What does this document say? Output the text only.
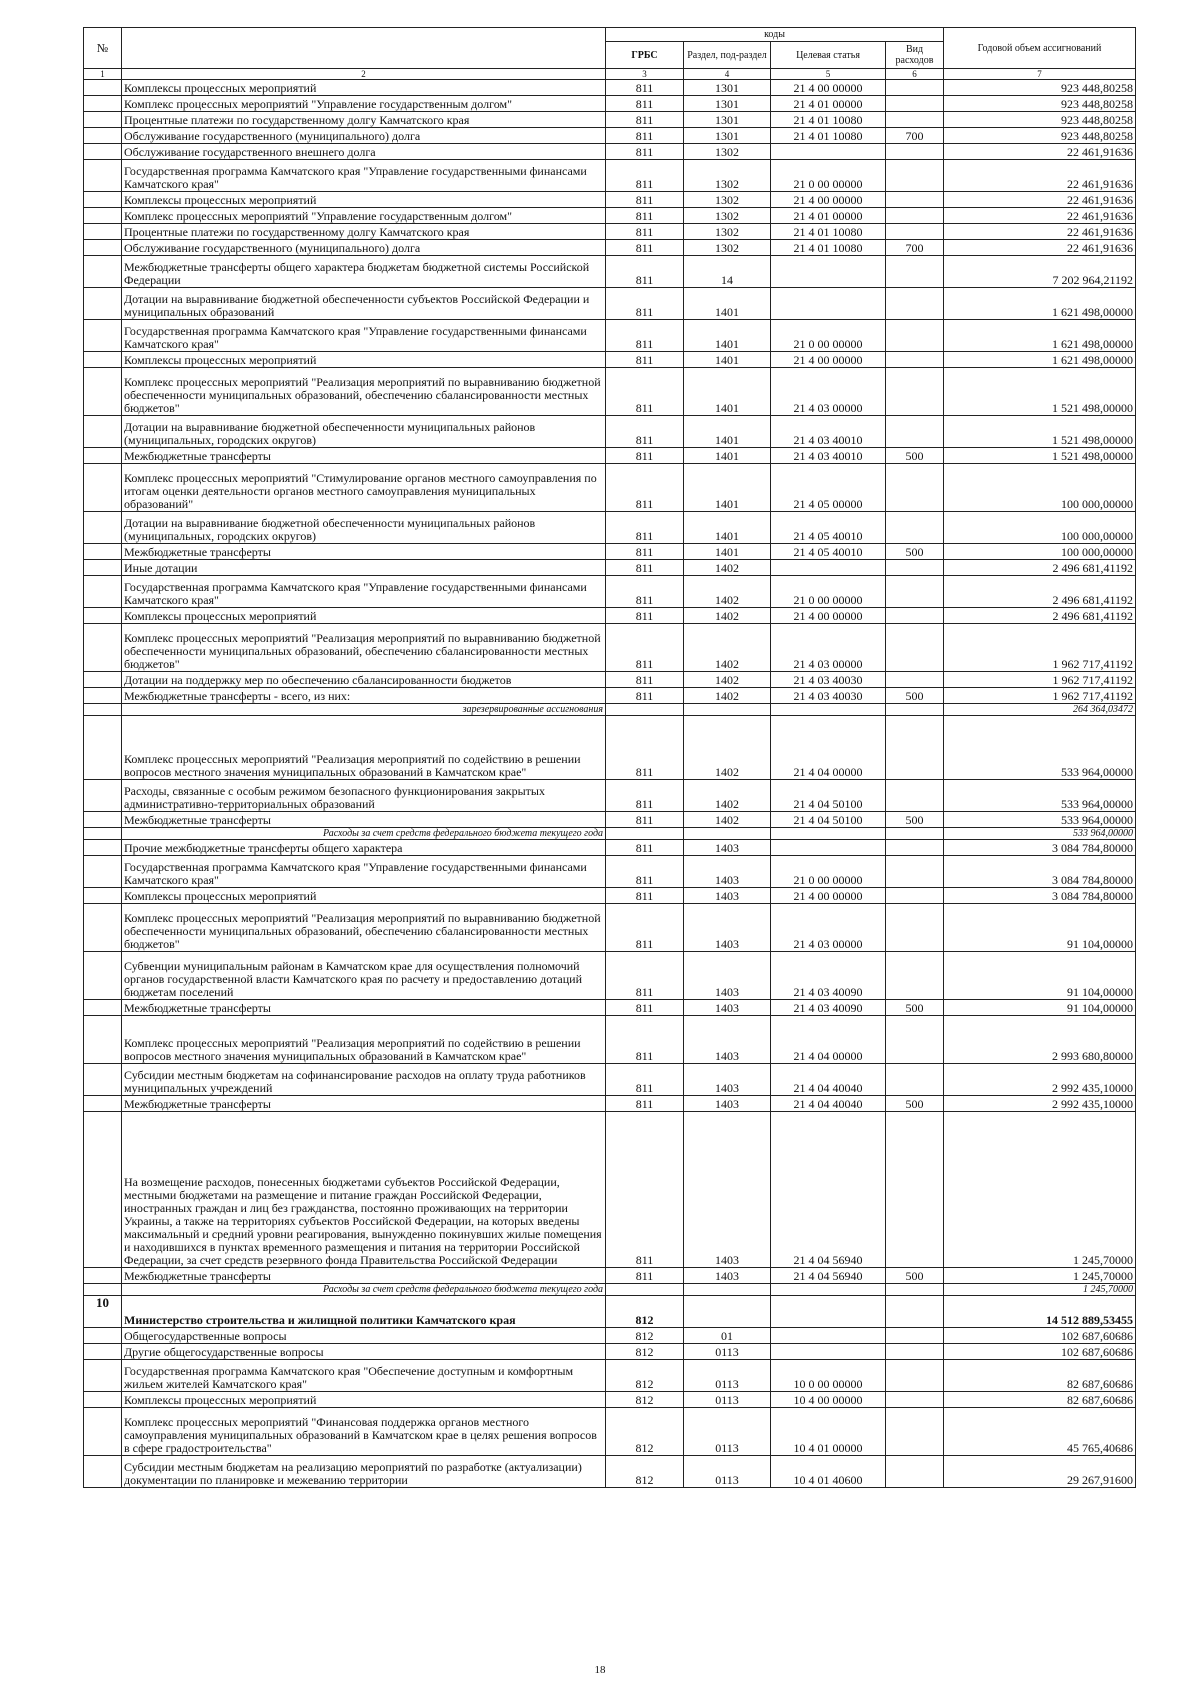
№		коды				Годовой объем ассигнований
		ГРБС	Раздел, под-раздел	Целевая статья	Вид расходов	
1	2	3	4	5	6	7
	Комплексы процессных мероприятий	811	1301	21 4 00 00000		923 448,80258
	Комплекс процессных мероприятий "Управление государственным долгом"	811	1301	21 4 01 00000		923 448,80258
	Процентные платежи по государственному долгу Камчатского края	811	1301	21 4 01 10080		923 448,80258
	Обслуживание государственного (муниципального) долга	811	1301	21 4 01 10080	700	923 448,80258
	Обслуживание государственного внешнего долга	811	1302			22 461,91636
	Государственная программа Камчатского края "Управление государственными финансами Камчатского края"	811	1302	21 0 00 00000		22 461,91636
	Комплексы процессных мероприятий	811	1302	21 4 00 00000		22 461,91636
	Комплекс процессных мероприятий "Управление государственным долгом"	811	1302	21 4 01 00000		22 461,91636
	Процентные платежи по государственному долгу Камчатского края	811	1302	21 4 01 10080		22 461,91636
	Обслуживание государственного (муниципального) долга	811	1302	21 4 01 10080	700	22 461,91636
	Межбюджетные трансферты общего характера бюджетам бюджетной системы Российской Федерации	811	14			7 202 964,21192
	Дотации на выравнивание бюджетной обеспеченности субъектов Российской Федерации и муниципальных образований	811	1401			1 621 498,00000
	Государственная программа Камчатского края "Управление государственными финансами Камчатского края"	811	1401	21 0 00 00000		1 621 498,00000
	Комплексы процессных мероприятий	811	1401	21 4 00 00000		1 621 498,00000
	Комплекс процессных мероприятий "Реализация мероприятий по выравниванию бюджетной обеспеченности муниципальных образований, обеспечению сбалансированности местных бюджетов"	811	1401	21 4 03 00000		1 521 498,00000
	Дотации на выравнивание бюджетной обеспеченности муниципальных районов (муниципальных, городских округов)	811	1401	21 4 03 40010		1 521 498,00000
	Межбюджетные трансферты	811	1401	21 4 03 40010	500	1 521 498,00000
	Комплекс процессных мероприятий "Стимулирование органов местного самоуправления по итогам оценки деятельности органов местного самоуправления муниципальных образований"	811	1401	21 4 05 00000		100 000,00000
	Дотации на выравнивание бюджетной обеспеченности муниципальных районов (муниципальных, городских округов)	811	1401	21 4 05 40010		100 000,00000
	Межбюджетные трансферты	811	1401	21 4 05 40010	500	100 000,00000
	Иные дотации	811	1402			2 496 681,41192
	Государственная программа Камчатского края "Управление государственными финансами Камчатского края"	811	1402	21 0 00 00000		2 496 681,41192
	Комплексы процессных мероприятий	811	1402	21 4 00 00000		2 496 681,41192
	Комплекс процессных мероприятий "Реализация мероприятий по выравниванию бюджетной обеспеченности муниципальных образований, обеспечению сбалансированности местных бюджетов"	811	1402	21 4 03 00000		1 962 717,41192
	Дотации на поддержку мер по обеспечению сбалансированности бюджетов	811	1402	21 4 03 40030		1 962 717,41192
	Межбюджетные трансферты - всего, из них:	811	1402	21 4 03 40030	500	1 962 717,41192
	зарезервированные ассигнования					264 364,03472
	Комплекс процессных мероприятий "Реализация мероприятий по содействию в решении вопросов местного значения муниципальных образований в Камчатском крае"	811	1402	21 4 04 00000		533 964,00000
	Расходы, связанные с особым режимом безопасного функционирования закрытых административно-территориальных образований	811	1402	21 4 04 50100		533 964,00000
	Межбюджетные трансферты	811	1402	21 4 04 50100	500	533 964,00000
	Расходы за счет средств федерального бюджета текущего года					533 964,00000
	Прочие межбюджетные трансферты общего характера	811	1403			3 084 784,80000
	Государственная программа Камчатского края "Управление государственными финансами Камчатского края"	811	1403	21 0 00 00000		3 084 784,80000
	Комплексы процессных мероприятий	811	1403	21 4 00 00000		3 084 784,80000
	Комплекс процессных мероприятий "Реализация мероприятий по выравниванию бюджетной обеспеченности муниципальных образований, обеспечению сбалансированности местных бюджетов"	811	1403	21 4 03 00000		91 104,00000
	Субвенции муниципальным районам в Камчатском крае для осуществления полномочий органов государственной власти Камчатского края по расчету и предоставлению дотаций бюджетам поселений	811	1403	21 4 03 40090		91 104,00000
	Межбюджетные трансферты	811	1403	21 4 03 40090	500	91 104,00000
	Комплекс процессных мероприятий "Реализация мероприятий по содействию в решении вопросов местного значения муниципальных образований в Камчатском крае"	811	1403	21 4 04 00000		2 993 680,80000
	Субсидии местным бюджетам на софинансирование расходов на оплату труда работников муниципальных учреждений	811	1403	21 4 04 40040		2 992 435,10000
	Межбюджетные трансферты	811	1403	21 4 04 40040	500	2 992 435,10000
	На возмещение расходов, понесенных бюджетами субъектов Российской Федерации, местными бюджетами на размещение и питание граждан Российской Федерации, иностранных граждан и лиц без гражданства, постоянно проживающих на территории Украины, а также на территориях субъектов Российской Федерации, на которых введены максимальный и средний уровни реагирования, вынужденно покинувших жилые помещения и находившихся в пунктах временного размещения и питания на территории Российской Федерации, за счет средств резервного фонда Правительства Российской Федерации	811	1403	21 4 04 56940		1 245,70000
	Межбюджетные трансферты	811	1403	21 4 04 56940	500	1 245,70000
	Расходы за счет средств федерального бюджета текущего года					1 245,70000
10	Министерство строительства и жилищной политики Камчатского края	812				14 512 889,53455
	Общегосударственные вопросы	812	01			102 687,60686
	Другие общегосударственные вопросы	812	0113			102 687,60686
	Государственная программа Камчатского края "Обеспечение доступным и комфортным жильем жителей Камчатского края"	812	0113	10 0 00 00000		82 687,60686
	Комплексы процессных мероприятий	812	0113	10 4 00 00000		82 687,60686
	Комплекс процессных мероприятий "Финансовая поддержка органов местного самоуправления муниципальных образований в Камчатском крае в целях решения вопросов в сфере градостроительства"	812	0113	10 4 01 00000		45 765,40686
	Субсидии местным бюджетам на реализацию мероприятий по разработке (актуализации) документации по планировке и межеванию территории	812	0113	10 4 01 40600		29 267,91600
18
